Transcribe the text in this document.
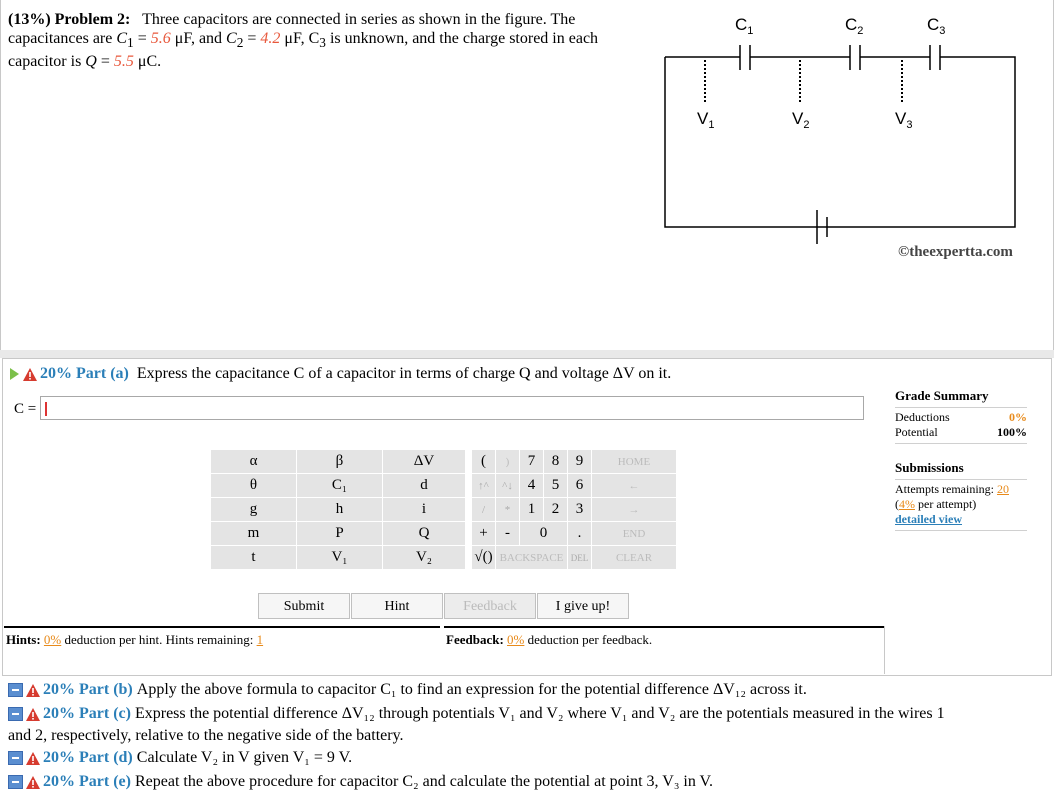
(13%) Problem 2: Three capacitors are connected in series as shown in the figure. The capacitances are $C_1 = 5.6$ μF, and $C_2 = 4.2$ μF, $C_3$ is unknown, and the charge stored in each capacitor is Q = 5.5 μC.
$C_1$	$C_2$	$C_3$
$V_1$	$V_2$	$V_3$
©theexpertta.com
20% Part (a) Express the capacitance C of a capacitor in terms of charge Q and voltage ΔV on it.
C =
α	β	ΔV
θ	C₁	d
g	h	i
m	P	Q
t	V₁	V₂
(	)	7	8	9	HOME
↑^	^↓	4	5	6	←
/	*	1	2	3	→
+	-	0		.	END
√()	BACKSPACE			DEL	CLEAR
Submit	Hint	Feedback	I give up!
Hints: 0% deduction per hint. Hints remaining: 1	Feedback: 0% deduction per feedback.
Grade Summary
Deductions	0%
Potential	100%
Submissions
Attempts remaining: 20
(4% per attempt)
detailed view
20% Part (b) Apply the above formula to capacitor C₁ to find an expression for the potential difference ΔV₁₂ across it.
20% Part (c) Express the potential difference ΔV₁₂ through potentials V₁ and V₂ where V₁ and V₂ are the potentials measured in the wires 1
and 2, respectively, relative to the negative side of the battery.
20% Part (d) Calculate V₂ in V given V₁ = 9 V.
20% Part (e) Repeat the above procedure for capacitor C₂ and calculate the potential at point 3, V₃ in V.
